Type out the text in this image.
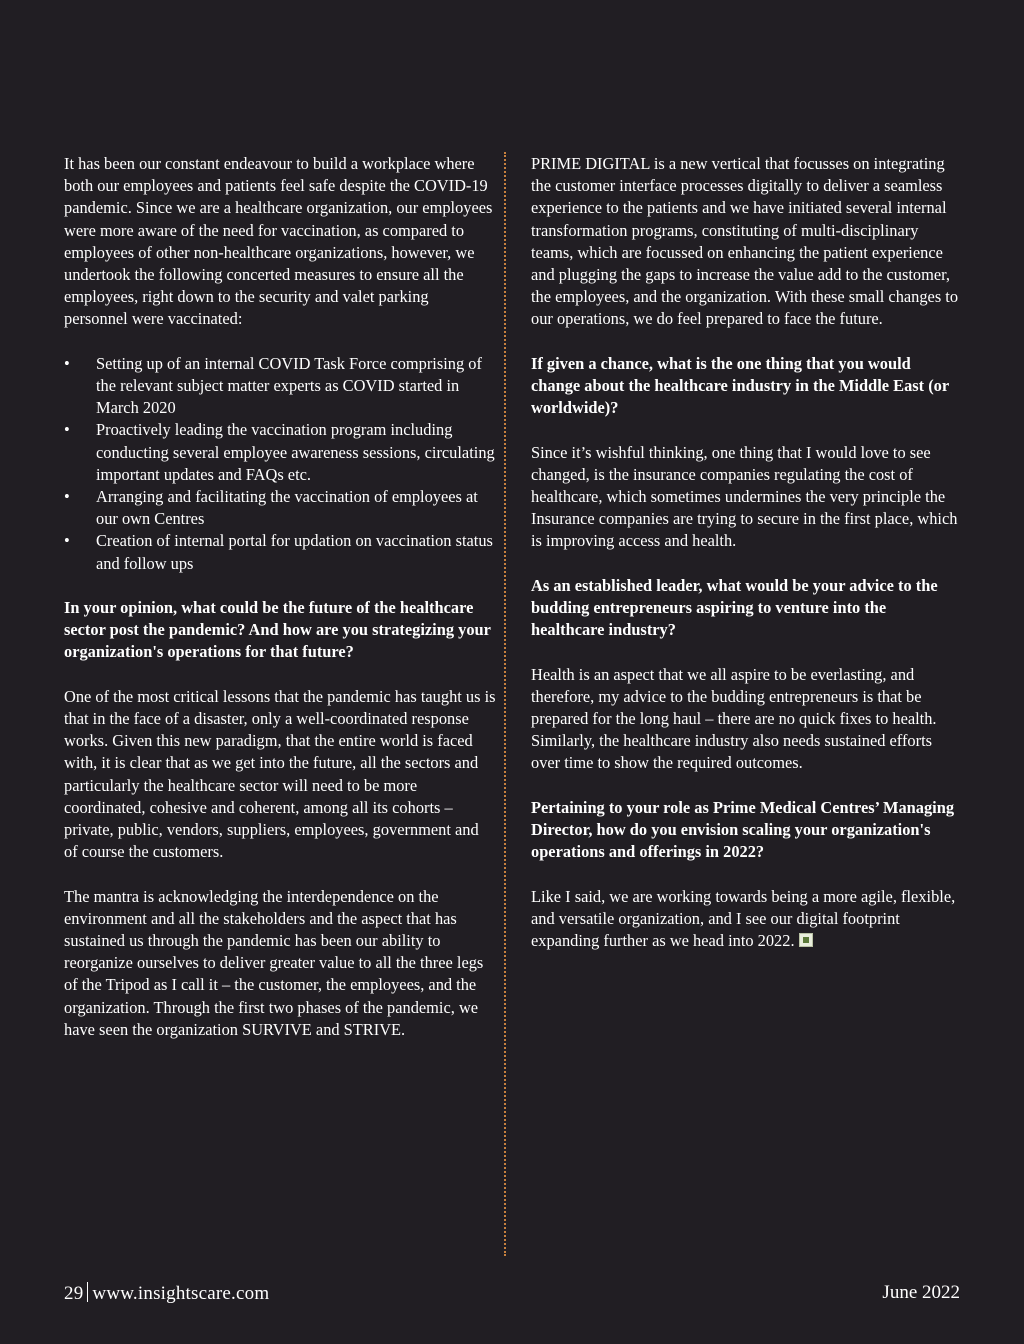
It has been our constant endeavour to build a workplace where both our employees and patients feel safe despite the COVID-19 pandemic. Since we are a healthcare organization, our employees were more aware of the need for vaccination, as compared to employees of other non-healthcare organizations, however, we undertook the following concerted measures to ensure all the employees, right down to the security and valet parking personnel were vaccinated:

• Setting up of an internal COVID Task Force comprising of the relevant subject matter experts as COVID started in March 2020
• Proactively leading the vaccination program including conducting several employee awareness sessions, circulating important updates and FAQs etc.
• Arranging and facilitating the vaccination of employees at our own Centres
• Creation of internal portal for updation on vaccination status and follow ups

In your opinion, what could be the future of the healthcare sector post the pandemic? And how are you strategizing your organization's operations for that future?

One of the most critical lessons that the pandemic has taught us is that in the face of a disaster, only a well-coordinated response works. Given this new paradigm, that the entire world is faced with, it is clear that as we get into the future, all the sectors and particularly the healthcare sector will need to be more coordinated, cohesive and coherent, among all its cohorts – private, public, vendors, suppliers, employees, government and of course the customers.

The mantra is acknowledging the interdependence on the environment and all the stakeholders and the aspect that has sustained us through the pandemic has been our ability to reorganize ourselves to deliver greater value to all the three legs of the Tripod as I call it – the customer, the employees, and the organization. Through the first two phases of the pandemic, we have seen the organization SURVIVE and STRIVE.

PRIME DIGITAL is a new vertical that focusses on integrating the customer interface processes digitally to deliver a seamless experience to the patients and we have initiated several internal transformation programs, constituting of multi-disciplinary teams, which are focussed on enhancing the patient experience and plugging the gaps to increase the value add to the customer, the employees, and the organization. With these small changes to our operations, we do feel prepared to face the future.

If given a chance, what is the one thing that you would change about the healthcare industry in the Middle East (or worldwide)?

Since it’s wishful thinking, one thing that I would love to see changed, is the insurance companies regulating the cost of healthcare, which sometimes undermines the very principle the Insurance companies are trying to secure in the first place, which is improving access and health.

As an established leader, what would be your advice to the budding entrepreneurs aspiring to venture into the healthcare industry?

Health is an aspect that we all aspire to be everlasting, and therefore, my advice to the budding entrepreneurs is that be prepared for the long haul – there are no quick fixes to health. Similarly, the healthcare industry also needs sustained efforts over time to show the required outcomes.

Pertaining to your role as Prime Medical Centres’ Managing Director, how do you envision scaling your organization's operations and offerings in 2022?

Like I said, we are working towards being a more agile, flexible, and versatile organization, and I see our digital footprint expanding further as we head into 2022.

29 www.insightscare.com	June 2022
